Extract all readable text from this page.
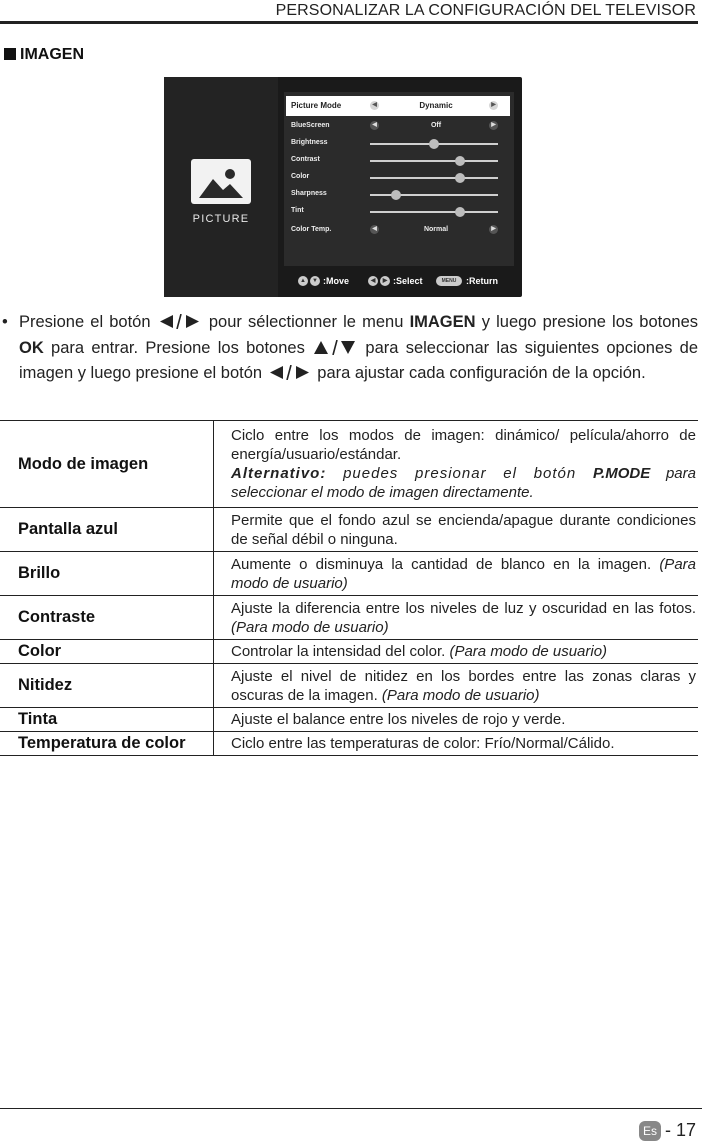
PERSONALIZAR LA CONFIGURACIÓN DEL TELEVISOR
IMAGEN
PICTURE
Picture Mode	◀	Dynamic	▶
BlueScreen	◀	Off	▶
Brightness
Contrast
Color
Sharpness
Tint
Color Temp.	◀	Normal	▶
▲	▼ :Move	◀	▶ :Select	MENU	:Return
• Presione el botón	pour sélectionner le menu IMAGEN y luego presione los botones OK para entrar. Presione los botones	para seleccionar las siguientes opciones de imagen y luego presione el botón	para ajustar cada configuración de la opción.
Modo de imagen	Ciclo entre los modos de imagen: dinámico/ película/ahorro de energía/usuario/estándar.
Alternativo: puedes presionar el botón P.MODE para seleccionar el modo de imagen directamente.
Pantalla azul	Permite que el fondo azul se encienda/apague durante condiciones de señal débil o ninguna.
Brillo	Aumente o disminuya la cantidad de blanco en la imagen. (Para modo de usuario)
Contraste	Ajuste la diferencia entre los niveles de luz y oscuridad en las fotos. (Para modo de usuario)
Color	Controlar la intensidad del color. (Para modo de usuario)
Nitidez	Ajuste el nivel de nitidez en los bordes entre las zonas claras y oscuras de la imagen. (Para modo de usuario)
Tinta	Ajuste el balance entre los niveles de rojo y verde.
Temperatura de color	Ciclo entre las temperaturas de color: Frío/Normal/Cálido.
Es - 17
